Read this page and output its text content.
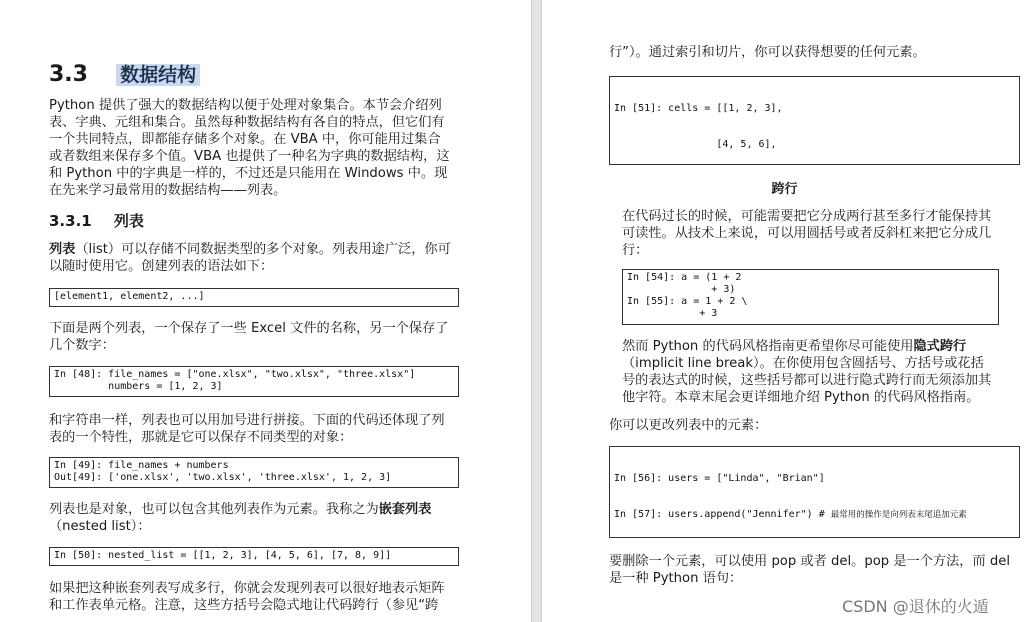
3.3 数据结构

Python 提供了强大的数据结构以便于处理对象集合。本节会介绍列

表、字典、元组和集合。虽然每种数据结构有各自的特点，但它们有

一个共同特点，即都能存储多个对象。在 VBA 中，你可能用过集合

或者数组来保存多个值。VBA 也提供了一种名为字典的数据结构，这

和 Python 中的字典是一样的，不过还是只能用在 Windows 中。现

在先来学习最常用的数据结构——列表。

3.3.1 列表

列表（list）可以存储不同数据类型的多个对象。列表用途广泛，你可

以随时使用它。创建列表的语法如下：

[element1, element2, ...]

下面是两个列表，一个保存了一些 Excel 文件的名称，另一个保存了

几个数字：

In [48]: file_names = ["one.xlsx", "two.xlsx", "three.xlsx"]
numbers = [1, 2, 3]

和字符串一样，列表也可以用加号进行拼接。下面的代码还体现了列

表的一个特性，那就是它可以保存不同类型的对象：

In [49]: file_names + numbers
Out[49]: ['one.xlsx', 'two.xlsx', 'three.xlsx', 1, 2, 3]

列表也是对象，也可以包含其他列表作为元素。我称之为嵌套列表

（nested list）：

In [50]: nested_list = [[1, 2, 3], [4, 5, 6], [7, 8, 9]]

如果把这种嵌套列表写成多行，你就会发现列表可以很好地表示矩阵

和工作表单元格。注意，这些方括号会隐式地让代码跨行（参见“跨

行”）。通过索引和切片，你可以获得想要的任何元素。

In [51]: cells = [[1, 2, 3],

[4, 5, 6],

跨行

在代码过长的时候，可能需要把它分成两行甚至多行才能保持其

可读性。从技术上来说，可以用圆括号或者反斜杠来把它分成几

行：

In [54]: a = (1 + 2
+ 3)
In [55]: a = 1 + 2 \
+ 3

然而 Python 的代码风格指南更希望你尽可能使用隐式跨行

（implicit line break）。在你使用包含圆括号、方括号或花括

号的表达式的时候，这些括号都可以进行隐式跨行而无须添加其

他字符。本章末尾会更详细地介绍 Python 的代码风格指南。

你可以更改列表中的元素：

In [56]: users = ["Linda", "Brian"]

In [57]: users.append("Jennifer") # 最常用的操作是向列表末尾追加元素

要删除一个元素，可以使用 pop 或者 del。pop 是一个方法，而 del

是一种 Python 语句：

CSDN @退休的火遁
